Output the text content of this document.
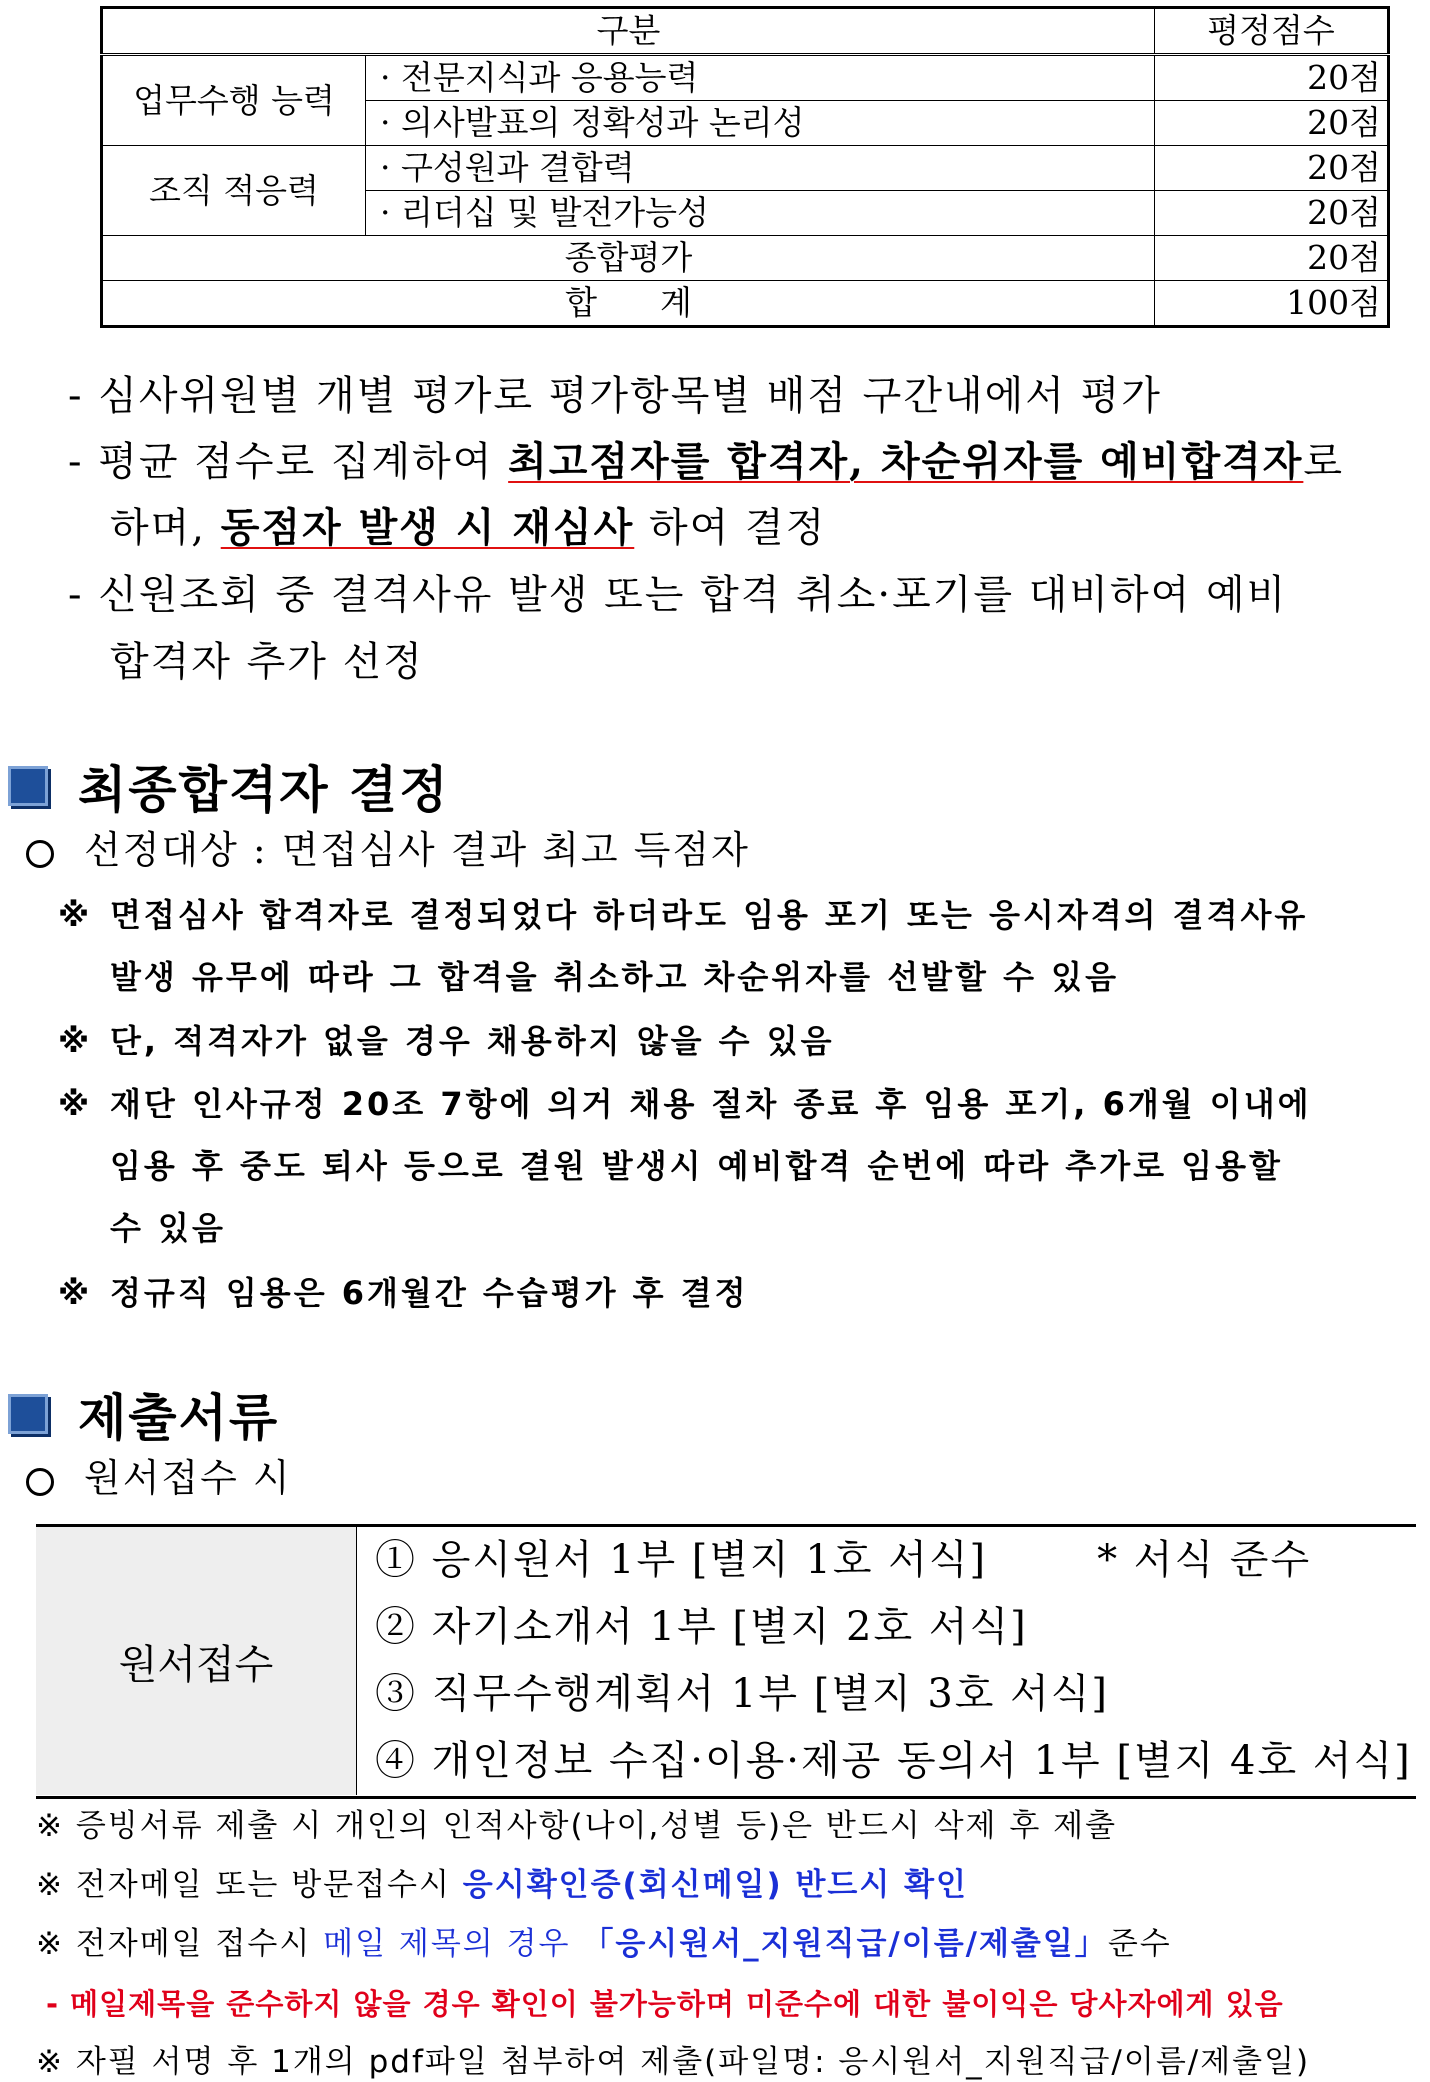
구분		평정점수
업무수행 능력	· 전문지식과 응용능력	20점
	· 의사발표의 정확성과 논리성	20점
조직 적응력	· 구성원과 결합력	20점
	· 리더십 및 발전가능성	20점
종합평가		20점
합      계		100점
- 심사위원별 개별 평가로 평가항목별 배점 구간내에서 평가
- 평균 점수로 집계하여 최고점자를 합격자, 차순위자를 예비합격자로
하며, 동점자 발생 시 재심사 하여 결정
- 신원조회 중 결격사유 발생 또는 합격 취소·포기를 대비하여 예비
합격자 추가 선정
최종합격자 결정
선정대상 : 면접심사 결과 최고 득점자
※ 면접심사 합격자로 결정되었다 하더라도 임용 포기 또는 응시자격의 결격사유
발생 유무에 따라 그 합격을 취소하고 차순위자를 선발할 수 있음
※ 단, 적격자가 없을 경우 채용하지 않을 수 있음
※ 재단 인사규정 20조 7항에 의거 채용 절차 종료 후 임용 포기, 6개월 이내에
임용 후 중도 퇴사 등으로 결원 발생시 예비합격 순번에 따라 추가로 임용할
수 있음
※ 정규직 임용은 6개월간 수습평가 후 결정
제출서류
원서접수 시
원서접수	
① 응시원서 1부 [별지 1호 서식]	* 서식 준수
② 자기소개서 1부 [별지 2호 서식]
③ 직무수행계획서 1부 [별지 3호 서식]
④ 개인정보 수집·이용·제공 동의서 1부 [별지 4호 서식]
※ 증빙서류 제출 시 개인의 인적사항(나이,성별 등)은 반드시 삭제 후 제출
※ 전자메일 또는 방문접수시 응시확인증(회신메일) 반드시 확인
※ 전자메일 접수시 메일 제목의 경우 「응시원서_지원직급/이름/제출일」준수
- 메일제목을 준수하지 않을 경우 확인이 불가능하며 미준수에 대한 불이익은 당사자에게 있음
※ 자필 서명 후 1개의 pdf파일 첨부하여 제출(파일명: 응시원서_지원직급/이름/제출일)
